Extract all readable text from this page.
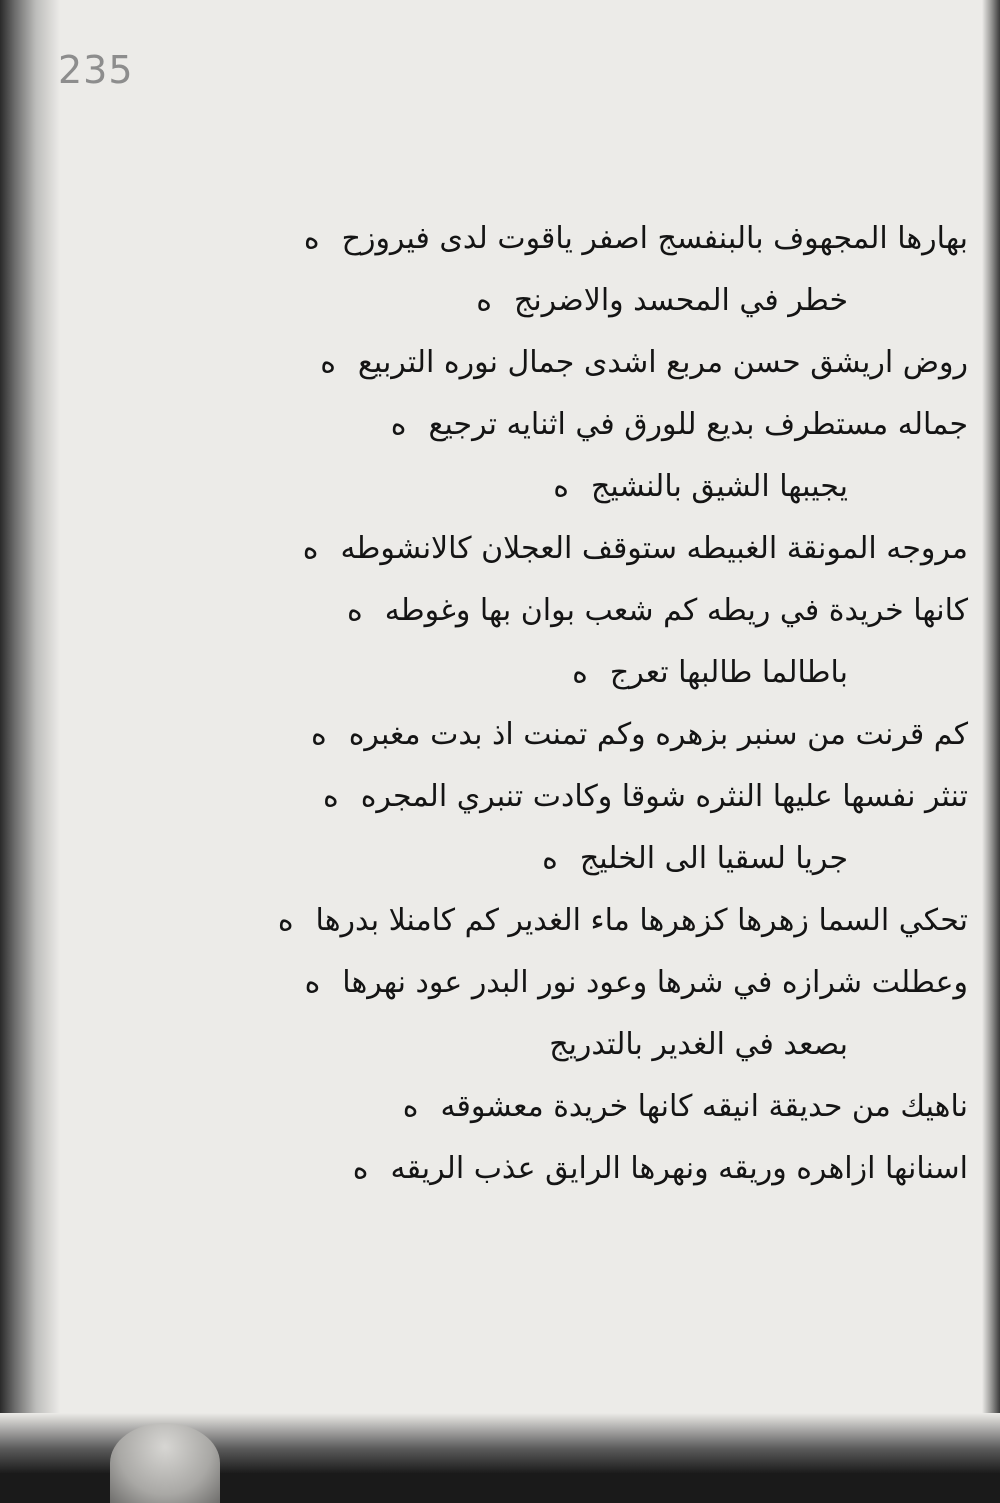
235
بهارها المجهوف بالبنفسج اصفر ياقوت لدى فيروزحه
خطر في المحسد والاضرنجه
روض اريشق حسن مربع اشدى جمال نوره التربيعه
جماله مستطرف بديع للورق في اثنايه ترجيعه
يجيبها الشيق بالنشيجه
مروجه المونقة الغبيطه ستوقف العجلان كالانشوطهه
كانها خريدة في ريطه كم شعب بوان بها وغوطهه
باطالما طالبها تعرجه
كم قرنت من سنبر بزهره وكم تمنت اذ بدت مغبرهه
تنثر نفسها عليها النثره شوقا وكادت تنبري المجرهه
جريا لسقيا الى الخليجه
تحكي السما زهرها كزهرها ماء الغدير كم كامنلا بدرهاه
وعطلت شرازه في شرها وعود نور البدر عود نهرهاه
بصعد في الغدير بالتدريج
ناهيك من حديقة انيقه كانها خريدة معشوقهه
اسنانها ازاهره وريقه ونهرها الرايق عذب الريقهه
